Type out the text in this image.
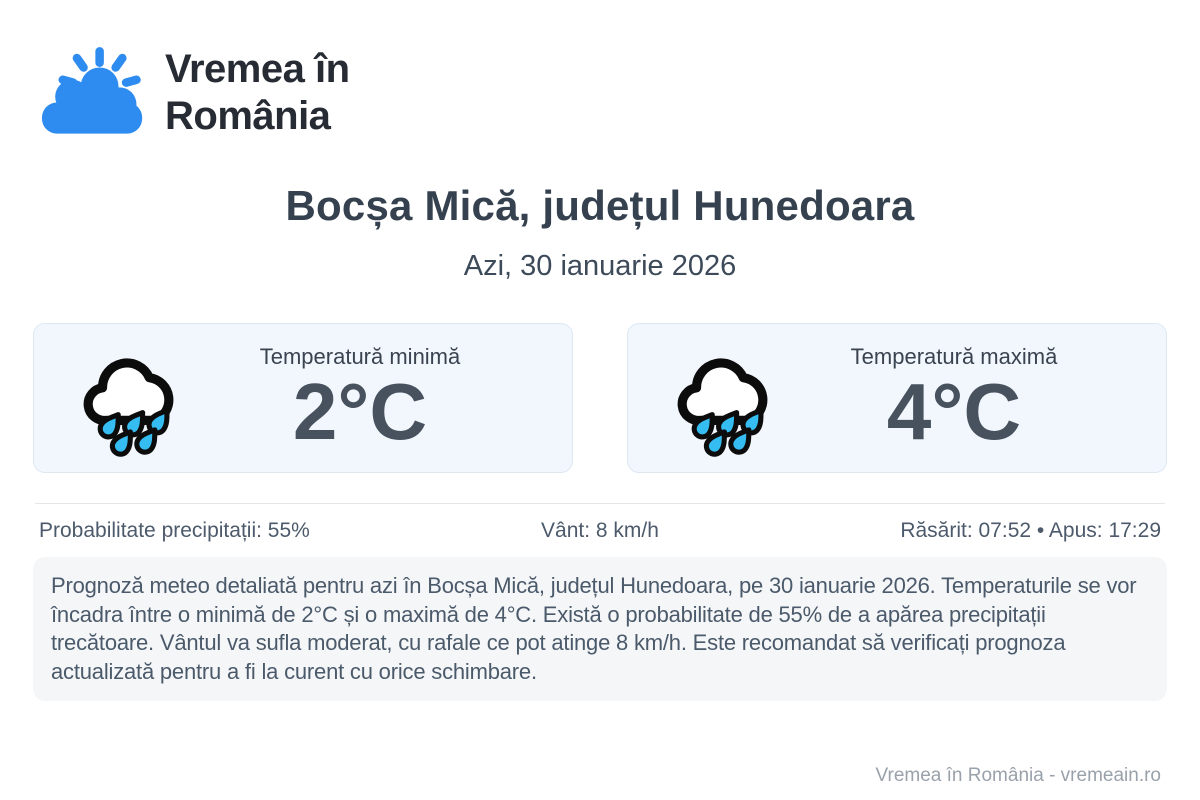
Vremea în
România
Bocșa Mică, județul Hunedoara
Azi, 30 ianuarie 2026
Temperatură minimă
2°C
Temperatură maximă
4°C
Probabilitate precipitații: 55%	Vânt: 8 km/h	Răsărit: 07:52 • Apus: 17:29
Prognoză meteo detaliată pentru azi în Bocșa Mică, județul Hunedoara, pe 30 ianuarie 2026. Temperaturile se vor încadra între o minimă de 2°C și o maximă de 4°C. Există o probabilitate de 55% de a apărea precipitații trecătoare. Vântul va sufla moderat, cu rafale ce pot atinge 8 km/h. Este recomandat să verificați prognoza actualizată pentru a fi la curent cu orice schimbare.
Vremea în România - vremeain.ro
